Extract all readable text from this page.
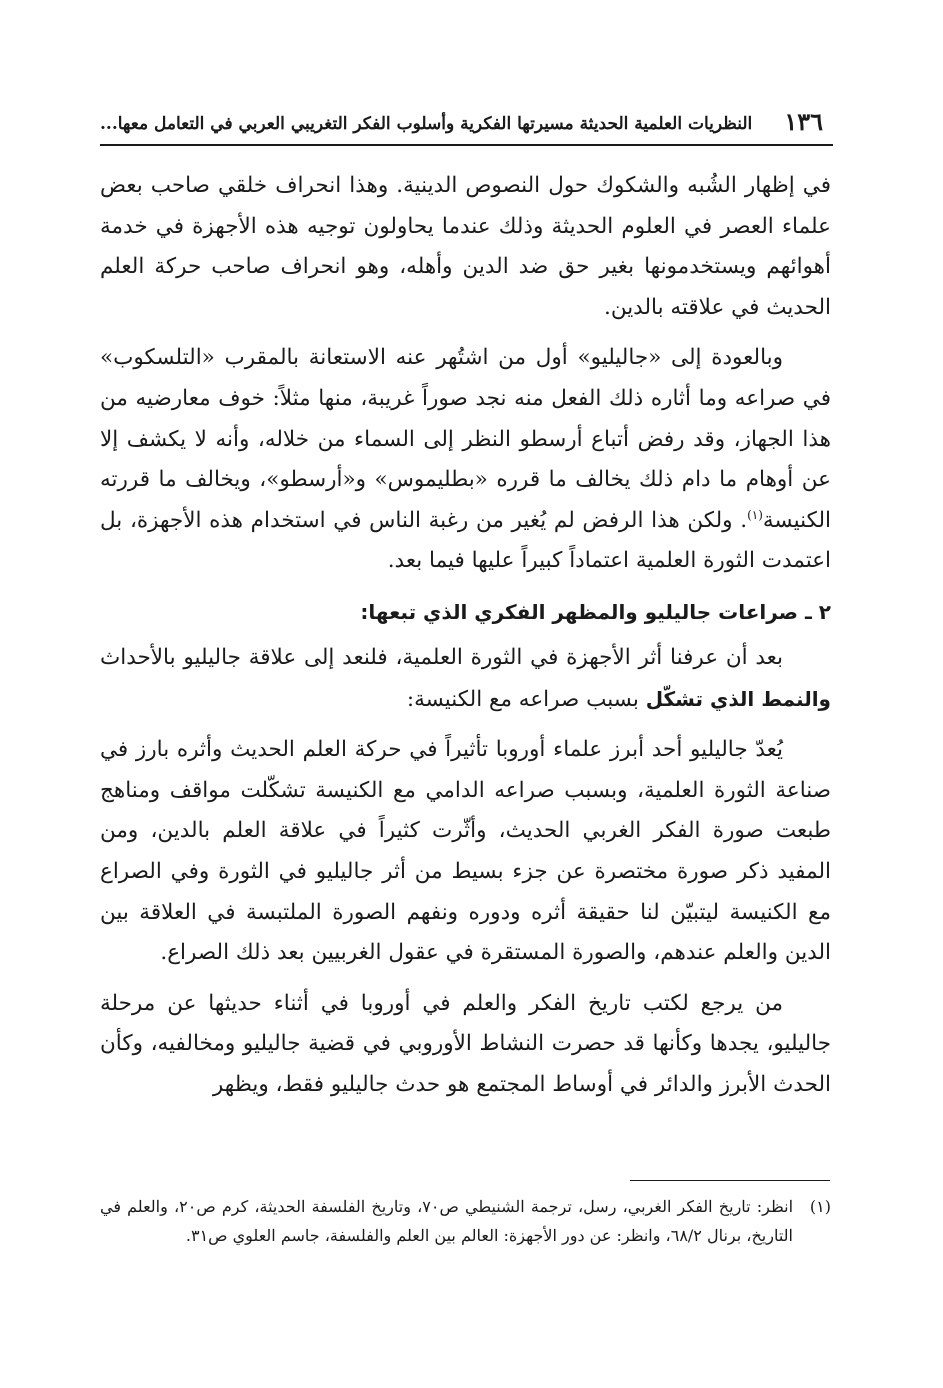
١٣٦
النظريات العلمية الحديثة مسيرتها الفكرية وأسلوب الفكر التغريبي العربي في التعامل معها...

في إظهار الشُبه والشكوك حول النصوص الدينية. وهذا انحراف خلقي صاحب بعض علماء العصر في العلوم الحديثة وذلك عندما يحاولون توجيه هذه الأجهزة في خدمة أهوائهم ويستخدمونها بغير حق ضد الدين وأهله، وهو انحراف صاحب حركة العلم الحديث في علاقته بالدين.

وبالعودة إلى «جاليليو» أول من اشتُهر عنه الاستعانة بالمقرب «التلسكوب» في صراعه وما أثاره ذلك الفعل منه نجد صوراً غريبة، منها مثلاً: خوف معارضيه من هذا الجهاز، وقد رفض أتباع أرسطو النظر إلى السماء من خلاله، وأنه لا يكشف إلا عن أوهام ما دام ذلك يخالف ما قرره «بطليموس» و«أرسطو»، ويخالف ما قررته الكنيسة$^{(١)}$. ولكن هذا الرفض لم يُغير من رغبة الناس في استخدام هذه الأجهزة، بل اعتمدت الثورة العلمية اعتماداً كبيراً عليها فيما بعد.

٢ ـ صراعات جاليليو والمظهر الفكري الذي تبعها:

بعد أن عرفنا أثر الأجهزة في الثورة العلمية، فلنعد إلى علاقة جاليليو بالأحداث والنمط الذي تشكّل بسبب صراعه مع الكنيسة:

يُعدّ جاليليو أحد أبرز علماء أوروبا تأثيراً في حركة العلم الحديث وأثره بارز في صناعة الثورة العلمية، وبسبب صراعه الدامي مع الكنيسة تشكّلت مواقف ومناهج طبعت صورة الفكر الغربي الحديث، وأثّرت كثيراً في علاقة العلم بالدين، ومن المفيد ذكر صورة مختصرة عن جزء بسيط من أثر جاليليو في الثورة وفي الصراع مع الكنيسة ليتبيّن لنا حقيقة أثره ودوره ونفهم الصورة الملتبسة في العلاقة بين الدين والعلم عندهم، والصورة المستقرة في عقول الغربيين بعد ذلك الصراع.

من يرجع لكتب تاريخ الفكر والعلم في أوروبا في أثناء حديثها عن مرحلة جاليليو، يجدها وكأنها قد حصرت النشاط الأوروبي في قضية جاليليو ومخالفيه، وكأن الحدث الأبرز والدائر في أوساط المجتمع هو حدث جاليليو فقط، ويظهر

(١)
انظر: تاريخ الفكر الغربي، رسل، ترجمة الشنيطي ص٧٠، وتاريخ الفلسفة الحديثة، كرم ص٢٠، والعلم في التاريخ، برنال ٦٨/٢، وانظر: عن دور الأجهزة: العالم بين العلم والفلسفة، جاسم العلوي ص٣١.
